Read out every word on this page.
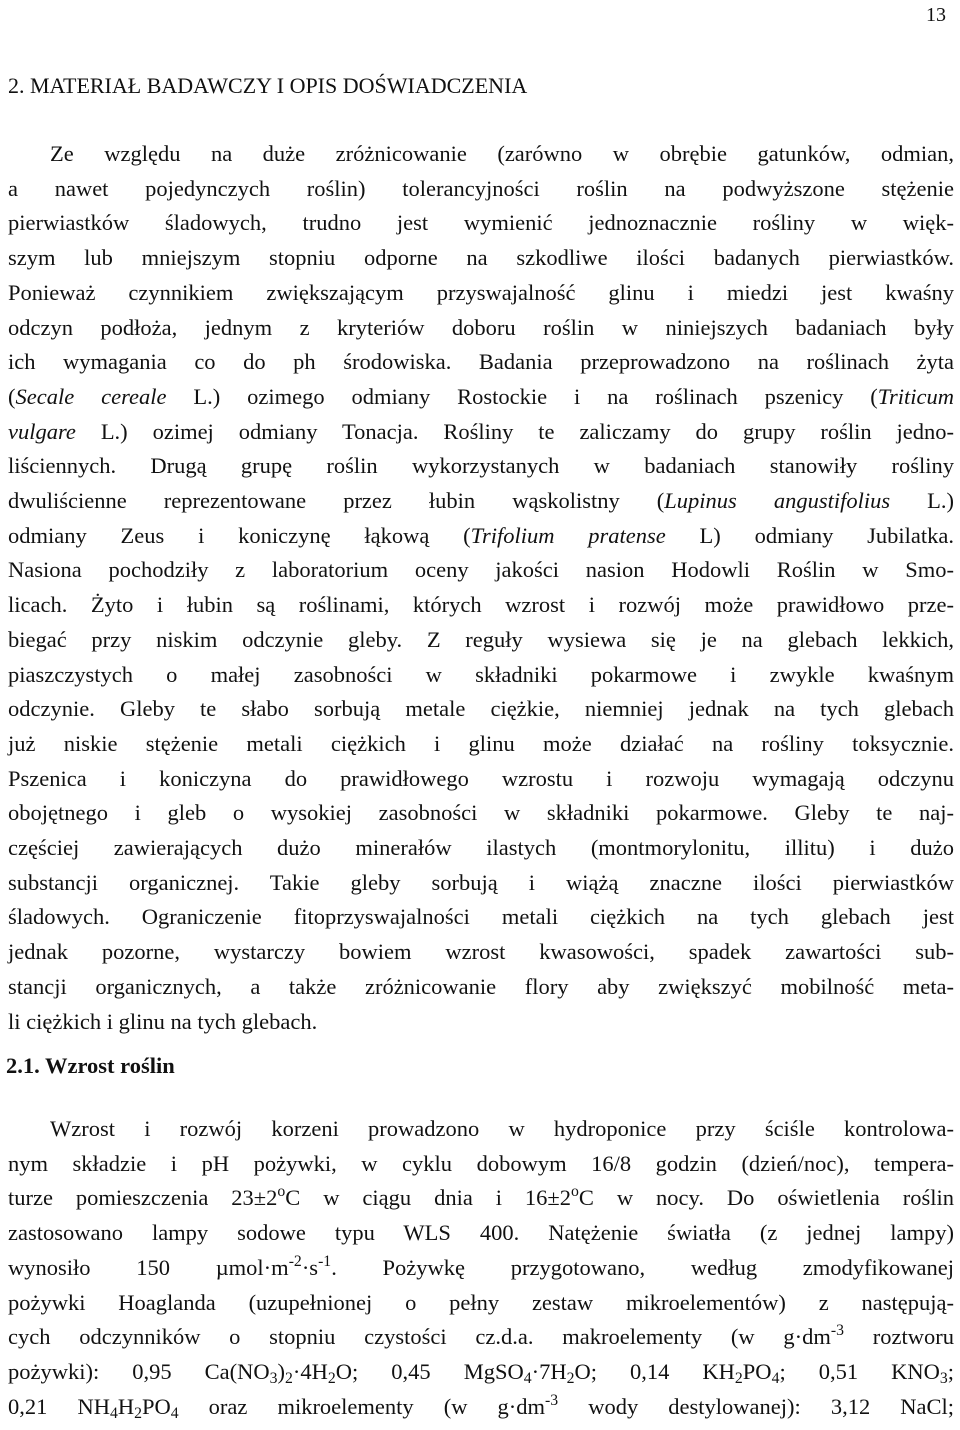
13
2. MATERIAŁ BADAWCZY I OPIS DOŚWIADCZENIA
Ze względu na duże zróżnicowanie (zarówno w obrębie gatunków, odmian,
a nawet pojedynczych roślin) tolerancyjności roślin na podwyższone stężenie
pierwiastków śladowych, trudno jest wymienić jednoznacznie rośliny w więk-
szym lub mniejszym stopniu odporne na szkodliwe ilości badanych pierwiastków.
Ponieważ czynnikiem zwiększającym przyswajalność glinu i miedzi jest kwaśny
odczyn podłoża, jednym z kryteriów doboru roślin w niniejszych badaniach były
ich wymagania co do ph środowiska. Badania przeprowadzono na roślinach żyta
(Secale cereale L.) ozimego odmiany Rostockie i na roślinach pszenicy (Triticum
vulgare L.) ozimej odmiany Tonacja. Rośliny te zaliczamy do grupy roślin jedno-
liściennych. Drugą grupę roślin wykorzystanych w badaniach stanowiły rośliny
dwuliścienne reprezentowane przez łubin wąskolistny (Lupinus angustifolius L.)
odmiany Zeus i koniczynę łąkową (Trifolium pratense L) odmiany Jubilatka.
Nasiona pochodziły z laboratorium oceny jakości nasion Hodowli Roślin w Smo-
licach. Żyto i łubin są roślinami, których wzrost i rozwój może prawidłowo prze-
biegać przy niskim odczynie gleby. Z reguły wysiewa się je na glebach lekkich,
piaszczystych o małej zasobności w składniki pokarmowe i zwykle kwaśnym
odczynie. Gleby te słabo sorbują metale ciężkie, niemniej jednak na tych glebach
już niskie stężenie metali ciężkich i glinu może działać na rośliny toksycznie.
Pszenica i koniczyna do prawidłowego wzrostu i rozwoju wymagają odczynu
obojętnego i gleb o wysokiej zasobności w składniki pokarmowe. Gleby te naj-
częściej zawierających dużo minerałów ilastych (montmorylonitu, illitu) i dużo
substancji organicznej. Takie gleby sorbują i wiążą znaczne ilości pierwiastków
śladowych. Ograniczenie fitoprzyswajalności metali ciężkich na tych glebach jest
jednak pozorne, wystarczy bowiem wzrost kwasowości, spadek zawartości sub-
stancji organicznych, a także zróżnicowanie flory aby zwiększyć mobilność meta-
li ciężkich i glinu na tych glebach.
2.1. Wzrost roślin
Wzrost i rozwój korzeni prowadzono w hydroponice przy ściśle kontrolowa-
nym składzie i pH pożywki, w cyklu dobowym 16/8 godzin (dzień/noc), tempera-
turze pomieszczenia $23\pm 2^oC$ w ciągu dnia i $16\pm 2^oC$ w nocy. Do oświetlenia roślin
zastosowano lampy sodowe typu WLS 400. Natężenie światła (z jednej lampy)
wynosiło 150 $\mu mol\cdot m^{-2}\cdot s^{-1}$. Pożywkę przygotowano, według zmodyfikowanej
pożywki Hoaglanda (uzupełnionej o pełny zestaw mikroelementów) z następują-
cych odczynników o stopniu czystości cz.d.a. makroelementy (w $g\cdot dm^{-3}$ roztworu
pożywki): 0,95 $Ca(NO_3)_2\cdot 4H_2O$; 0,45 $MgSO_4\cdot 7H_2O$; 0,14 $KH_2PO_4$; 0,51 $KNO_3$;
0,21 $NH_4H_2PO_4$ oraz mikroelementy (w $g\cdot dm^{-3}$ wody destylowanej): 3,12 NaCl;
